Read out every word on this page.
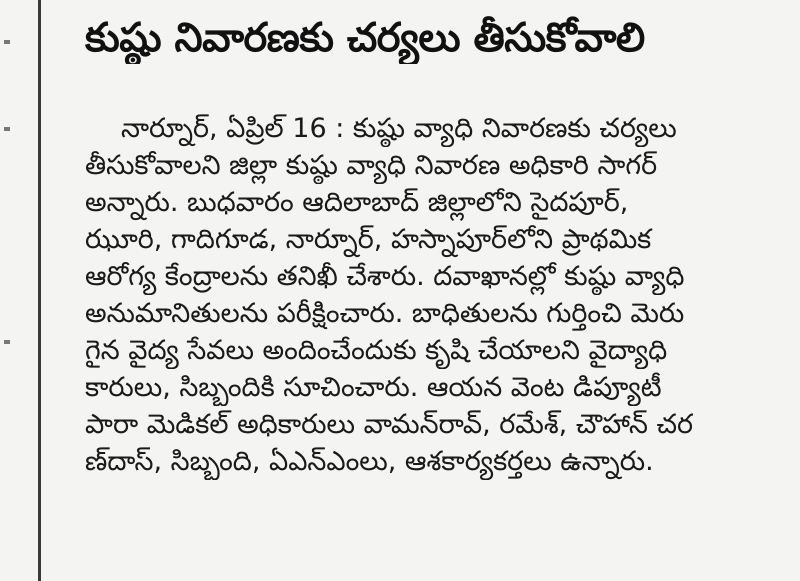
కుష్ఠు నివారణకు చర్యలు తీసుకోవాలి
నార్నూర్, ఏప్రిల్ 16 : కుష్ఠు వ్యాధి నివారణకు చర్యలు
తీసుకోవాలని జిల్లా కుష్ఠు వ్యాధి నివారణ అధికారి సాగర్
అన్నారు. బుధవారం ఆదిలాబాద్ జిల్లాలోని సైదపూర్,
ఝూరి, గాదిగూడ, నార్నూర్, హస్నాపూర్‌లోని ప్రాథమిక
ఆరోగ్య కేంద్రాలను తనిఖీ చేశారు. దవాఖానల్లో కుష్ఠు వ్యాధి
అనుమానితులను పరీక్షించారు. బాధితులను గుర్తించి మెరు
గైన వైద్య సేవలు అందించేందుకు కృషి చేయాలని వైద్యాధి
కారులు, సిబ్బందికి సూచించారు. ఆయన వెంట డిప్యూటీ
పారా మెడికల్ అధికారులు వామన్‌రావ్, రమేశ్, చౌహాన్ చర
ణ్‌దాస్, సిబ్బంది, ఏఎన్ఎంలు, ఆశకార్యకర్తలు ఉన్నారు.
